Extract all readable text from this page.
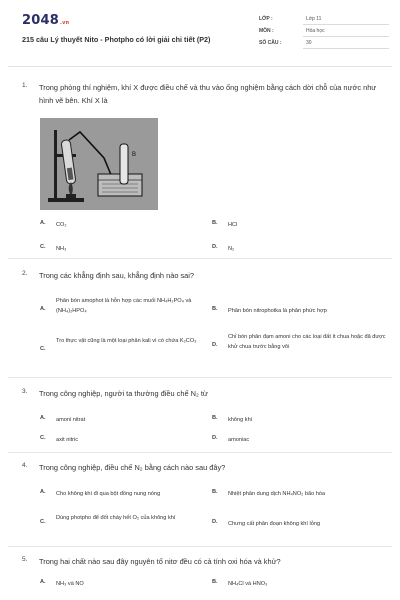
2048.vn
215 câu Lý thuyết Nito - Photpho có lời giải chi tiết (P2)
LỚP :	Lớp 11
MÔN :	Hóa học
SỐ CÂU :	30
1. Trong phòng thí nghiệm, khí X được điều chế và thu vào ống nghiệm bằng cách dời chỗ của nước như hình vẽ bên. Khí X là
A. CO₂	B. HCl
C. NH₃	D. N₂
B
2. Trong các khẳng định sau, khẳng định nào sai?
A.
Phân bón amophot là hỗn hợp các muối NH₄H₂PO₄ và (NH₄)₂HPO₄	B. Phân bón nitrophotka là phân phức hợp
C.
Tro thực vật cũng là một loại phân kali vì có chứa K₂CO₃
D.
Chỉ bón phân đạm amoni cho các loại đất ít chua hoặc đã được khử chua trước bằng vôi
3. Trong công nghiệp, người ta thường điều chế N₂ từ
A. amoni nitrat	B. không khí
C. axit nitric	D. amoniac
4. Trong công nghiệp, điều chế N₂ bằng cách nào sau đây?
A. Cho không khí đi qua bột đồng nung nóng	B. Nhiệt phân dung dịch NH₄NO₂ bão hòa
C.
Dùng photpho để đốt cháy hết O₂ của không khí
D. Chưng cất phân đoạn không khí lỏng
5. Trong hai chất nào sau đây nguyên tố nitơ đều có cả tính oxi hóa và khử?
A. NH₃ và NO	B. NH₄Cl và HNO₃
